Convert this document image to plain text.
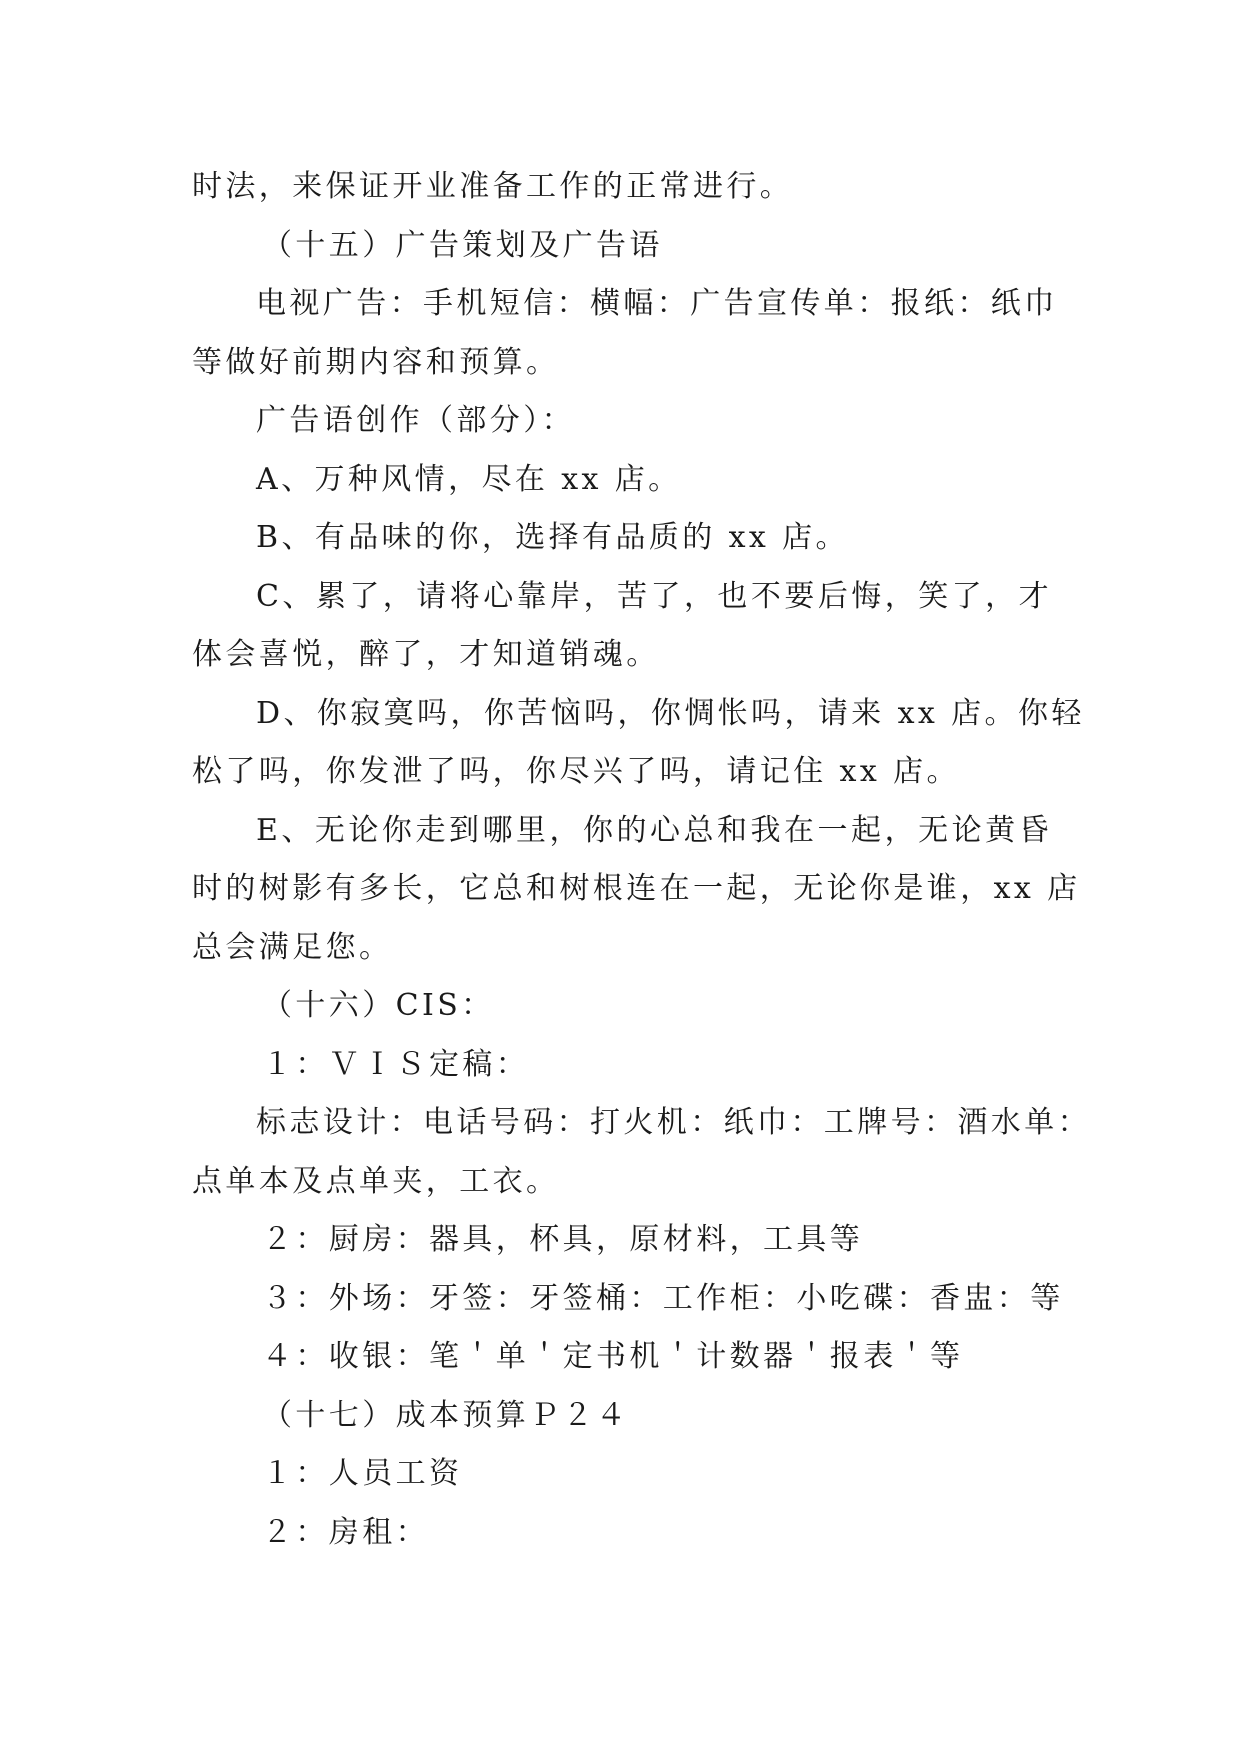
时法，来保证开业准备工作的正常进行。

（十五）广告策划及广告语

电视广告：手机短信：横幅：广告宣传单：报纸：纸巾

等做好前期内容和预算。

广告语创作（部分）：

A、万种风情，尽在 xx 店。

B、有品味的你，选择有品质的 xx 店。

C、累了，请将心靠岸，苦了，也不要后悔，笑了，才

体会喜悦，醉了，才知道销魂。

D、你寂寞吗，你苦恼吗，你惆怅吗，请来 xx 店。你轻

松了吗，你发泄了吗，你尽兴了吗，请记住 xx 店。

E、无论你走到哪里，你的心总和我在一起，无论黄昏

时的树影有多长，它总和树根连在一起，无论你是谁，xx 店

总会满足您。

（十六）CIS：

１：ＶＩＳ定稿：

标志设计：电话号码：打火机：纸巾：工牌号：酒水单：

点单本及点单夹，工衣。

２：厨房：器具，杯具，原材料，工具等

３：外场：牙签：牙签桶：工作柜：小吃碟：香盅：等

４：收银：笔＇单＇定书机＇计数器＇报表＇等

（十七）成本预算Ｐ２４

１：人员工资

２：房租：
